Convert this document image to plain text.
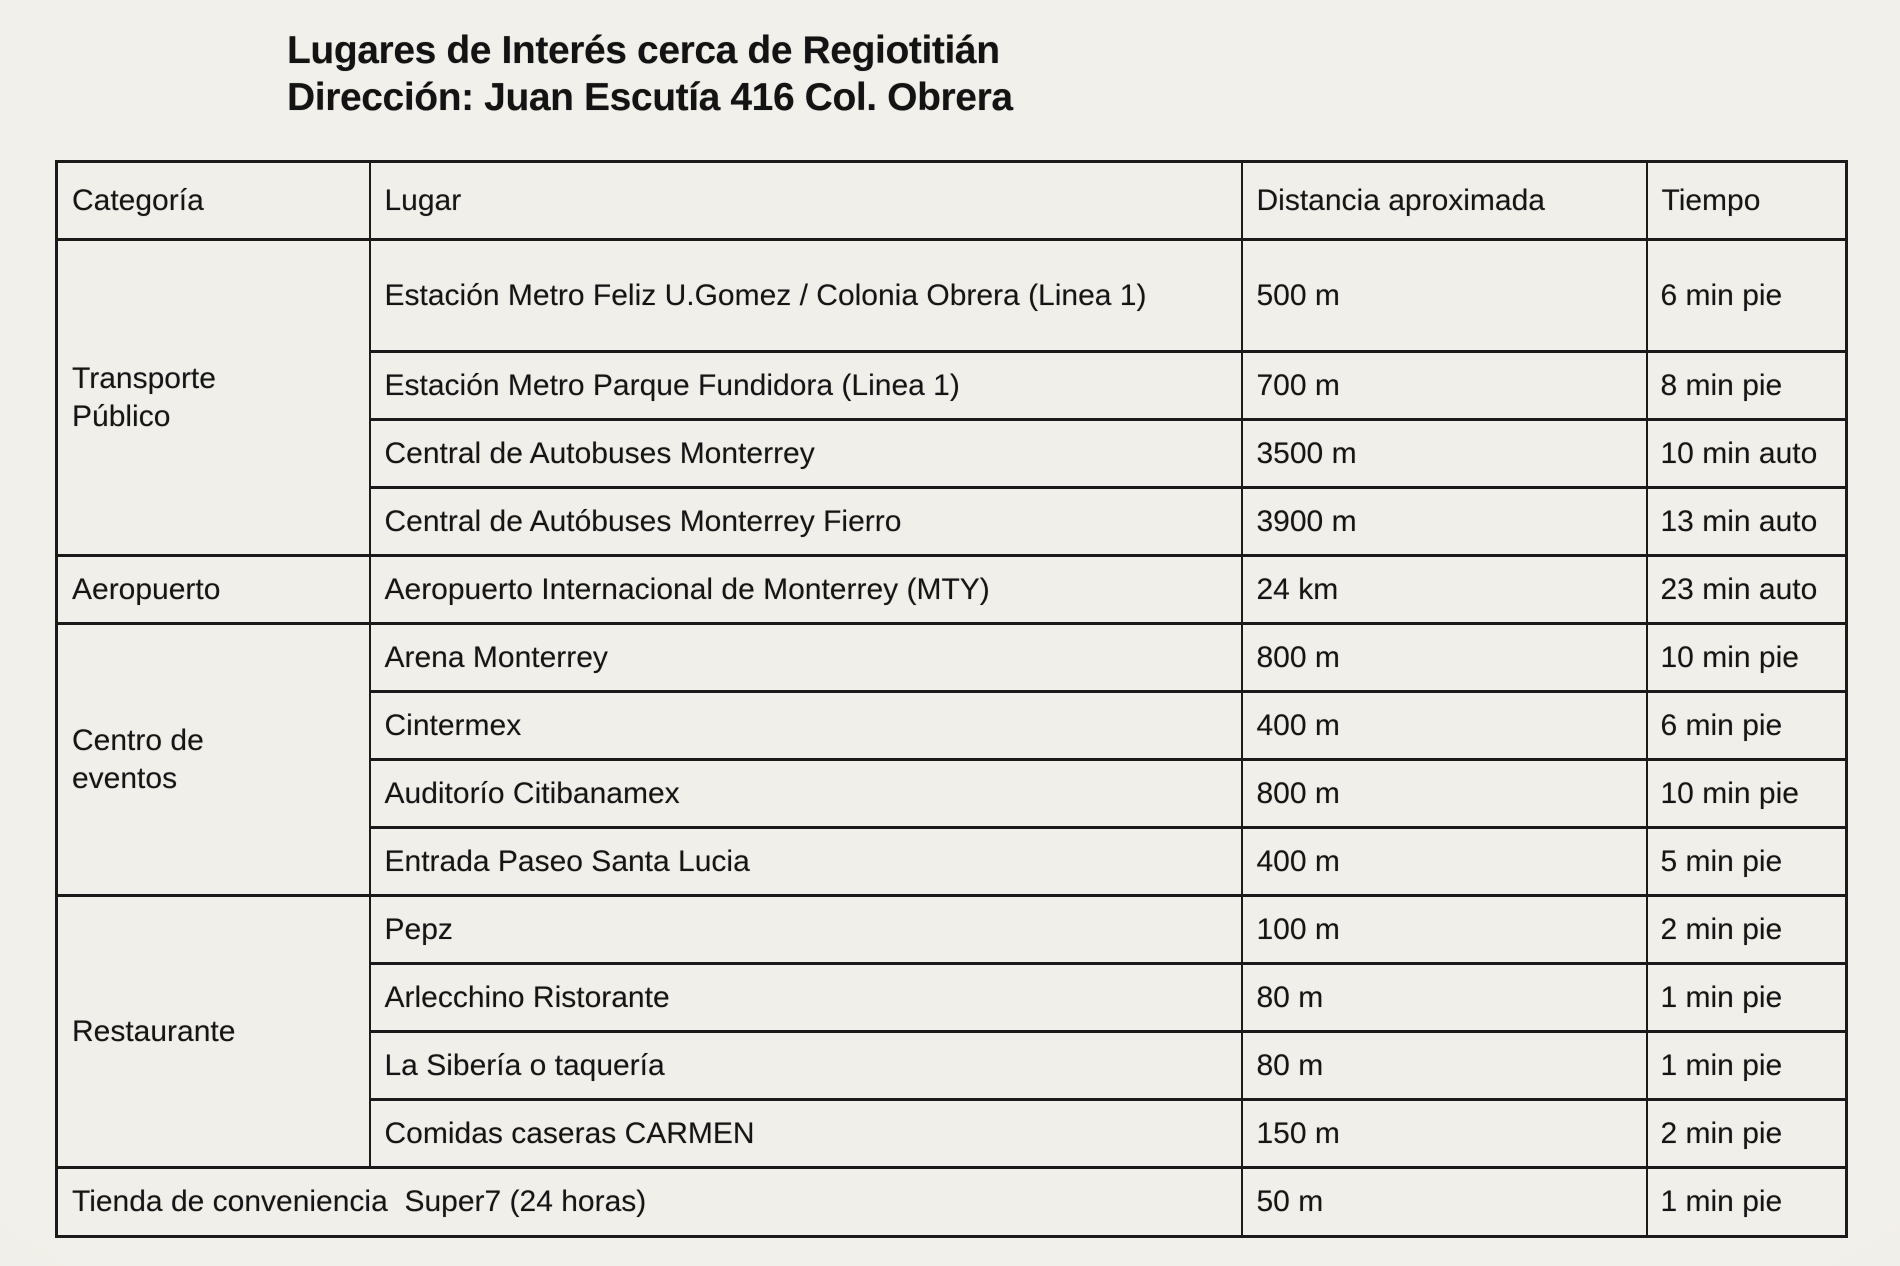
Lugares de Interés cerca de Regiotitián
Dirección: Juan Escutía 416 Col. Obrera
Categoría	Lugar	Distancia aproximada	Tiempo
Transporte Público	Estación Metro Feliz U.Gomez / Colonia Obrera (Linea 1)	500 m	6 min pie
	Estación Metro Parque Fundidora (Linea 1)	700 m	8 min pie
	Central de Autobuses Monterrey	3500 m	10 min auto
	Central de Autóbuses Monterrey Fierro	3900 m	13 min auto
Aeropuerto	Aeropuerto Internacional de Monterrey (MTY)	24 km	23 min auto
Centro de eventos	Arena Monterrey	800 m	10 min pie
	Cintermex	400 m	6 min pie
	Auditorío Citibanamex	800 m	10 min pie
	Entrada Paseo Santa Lucia	400 m	5 min pie
Restaurante	Pepz	100 m	2 min pie
	Arlecchino Ristorante	80 m	1 min pie
	La Sibería o taquería	80 m	1 min pie
	Comidas caseras CARMEN	150 m	2 min pie
Tienda de conveniencia  Super7 (24 horas)		50 m	1 min pie
